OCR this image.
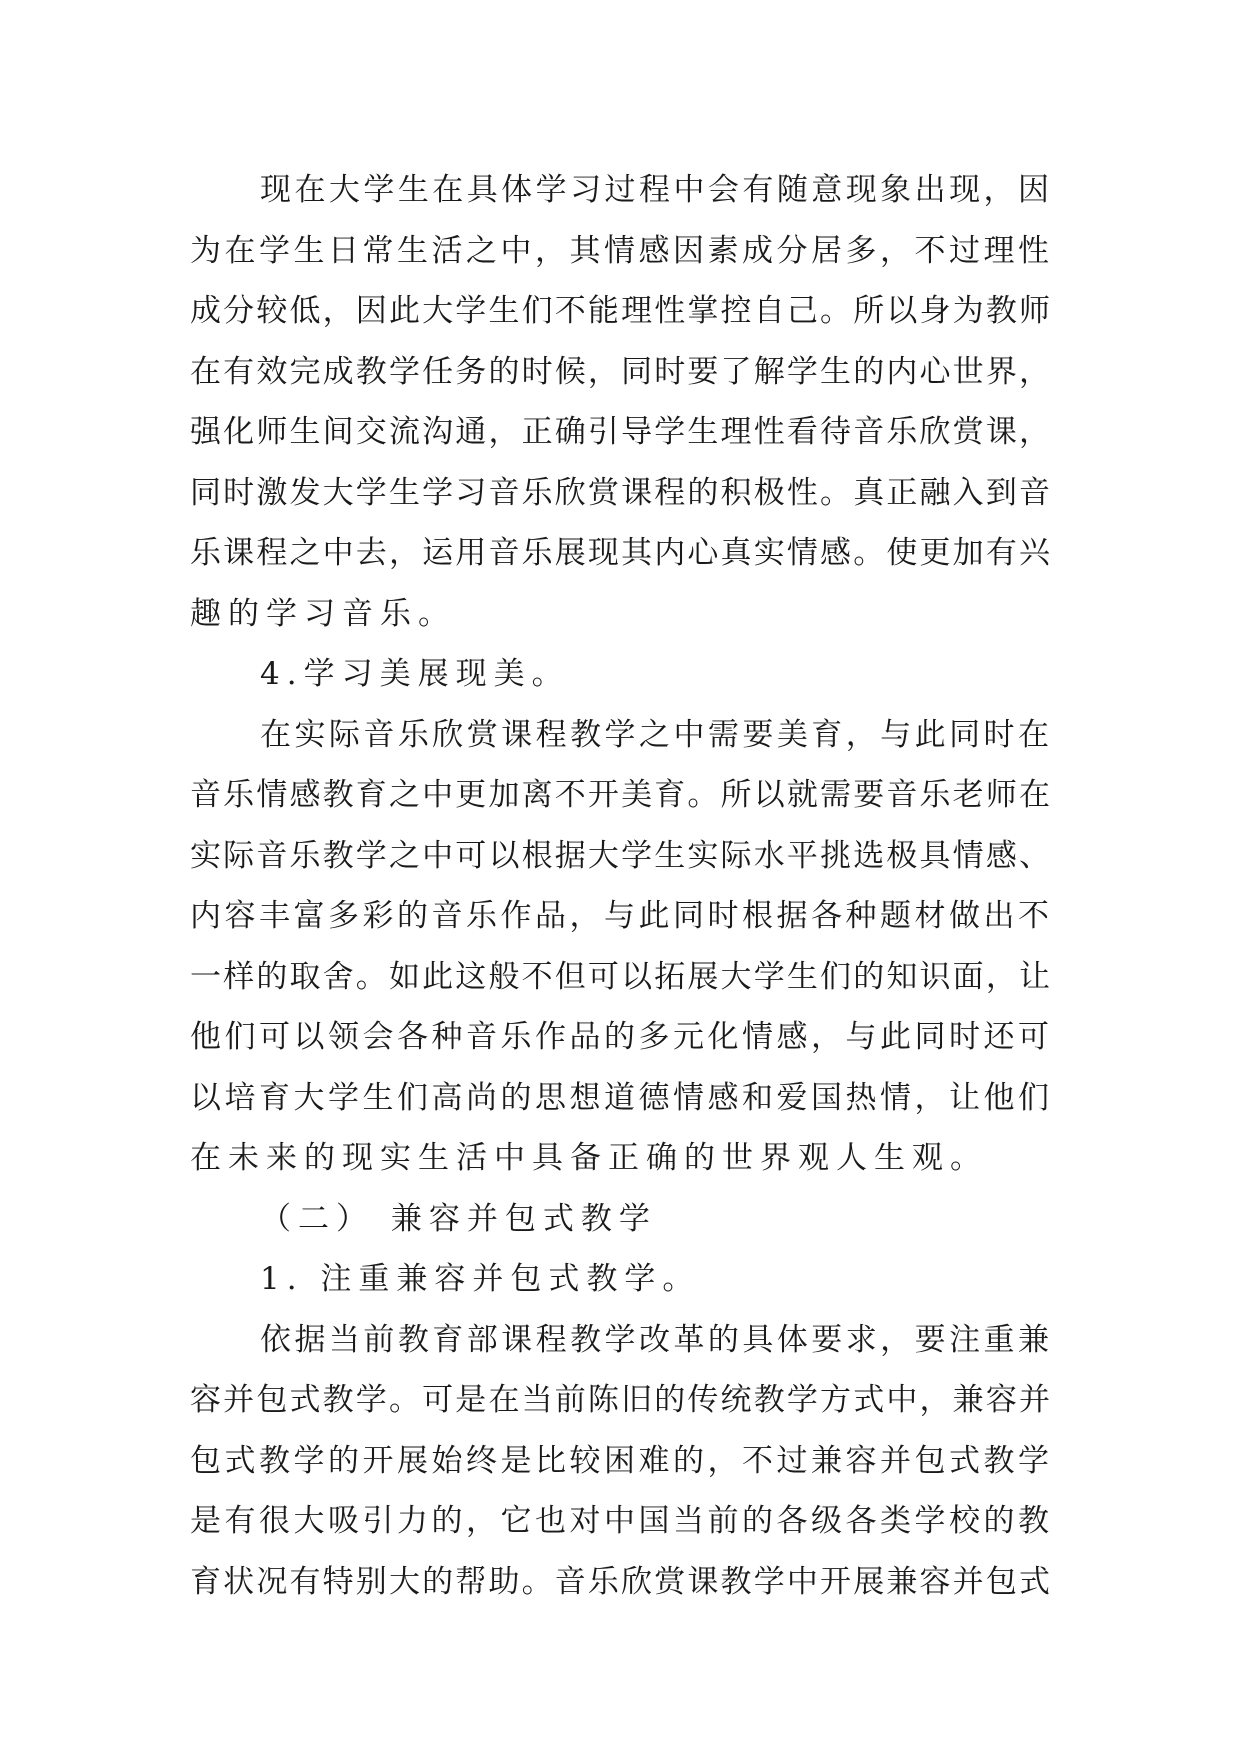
现在大学生在具体学习过程中会有随意现象出现，因
为在学生日常生活之中，其情感因素成分居多，不过理性
成分较低，因此大学生们不能理性掌控自己。所以身为教师
在有效完成教学任务的时候，同时要了解学生的内心世界，
强化师生间交流沟通，正确引导学生理性看待音乐欣赏课，
同时激发大学生学习音乐欣赏课程的积极性。真正融入到音
乐课程之中去，运用音乐展现其内心真实情感。使更加有兴
趣的学习音乐。
4.学习美展现美。
在实际音乐欣赏课程教学之中需要美育，与此同时在
音乐情感教育之中更加离不开美育。所以就需要音乐老师在
实际音乐教学之中可以根据大学生实际水平挑选极具情感、
内容丰富多彩的音乐作品，与此同时根据各种题材做出不
一样的取舍。如此这般不但可以拓展大学生们的知识面，让
他们可以领会各种音乐作品的多元化情感，与此同时还可
以培育大学生们高尚的思想道德情感和爱国热情，让他们
在未来的现实生活中具备正确的世界观人生观。
（二） 兼容并包式教学
1. 注重兼容并包式教学。
依据当前教育部课程教学改革的具体要求，要注重兼
容并包式教学。可是在当前陈旧的传统教学方式中，兼容并
包式教学的开展始终是比较困难的，不过兼容并包式教学
是有很大吸引力的，它也对中国当前的各级各类学校的教
育状况有特别大的帮助。音乐欣赏课教学中开展兼容并包式
